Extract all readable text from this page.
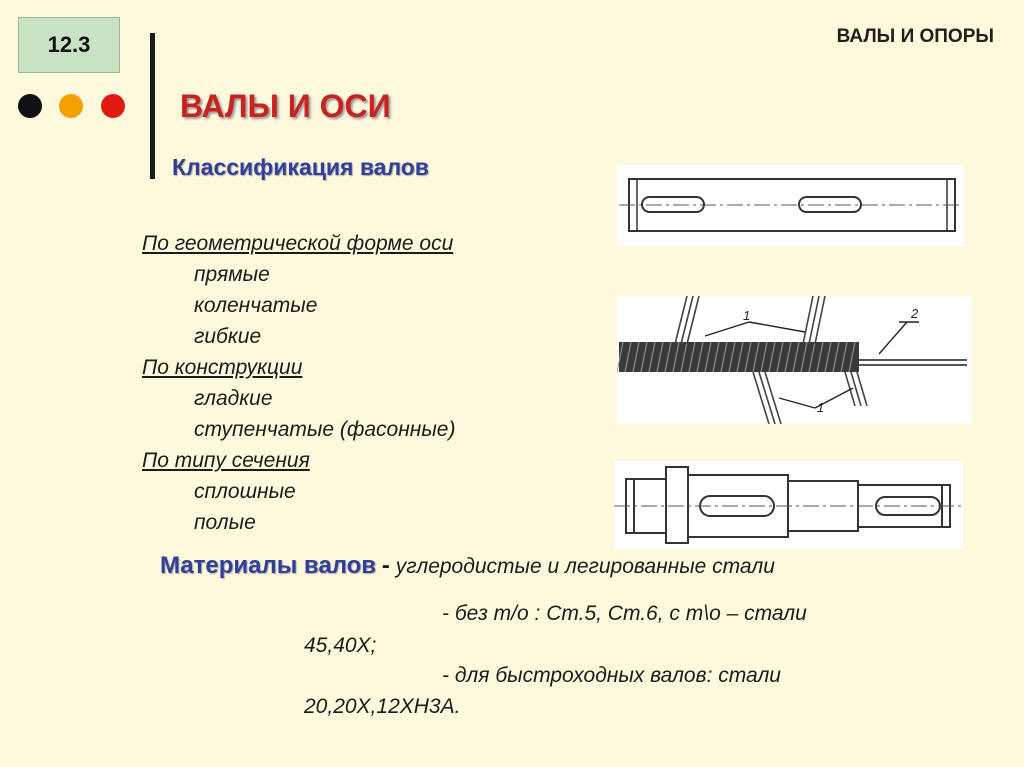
12.3	ВАЛЫ И ОПОРЫ
ВАЛЫ И ОСИ
Классификация валов
По геометрической форме оси
прямые
коленчатые
гибкие
По конструкции
гладкие
ступенчатые (фасонные)
По типу сечения
сплошные
полые
Материалы валов - углеродистые и легированные стали
- без т/о : Ст.5, Ст.6, с т\о – стали
45,40Х;
- для быстроходных валов: стали
20,20Х,12ХН3А.
1
1
2
